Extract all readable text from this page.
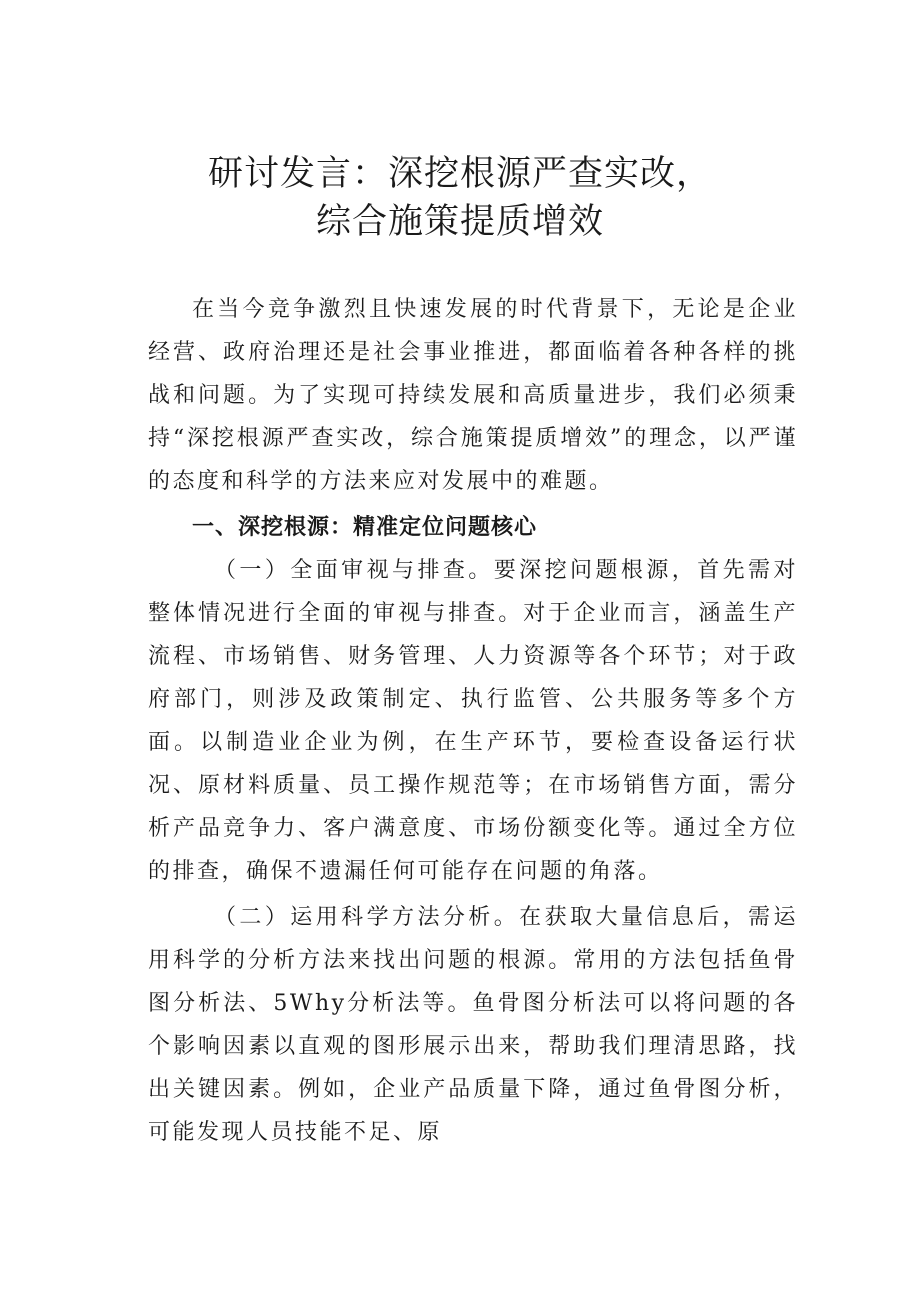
研讨发言：深挖根源严查实改，
综合施策提质增效

在当今竞争激烈且快速发展的时代背景下，无论是企业经营、政府治理还是社会事业推进，都面临着各种各样的挑战和问题。为了实现可持续发展和高质量进步，我们必须秉持“深挖根源严查实改，综合施策提质增效”的理念，以严谨的态度和科学的方法来应对发展中的难题。

一、深挖根源：精准定位问题核心

（一）全面审视与排查。要深挖问题根源，首先需对整体情况进行全面的审视与排查。对于企业而言，涵盖生产流程、市场销售、财务管理、人力资源等各个环节；对于政府部门，则涉及政策制定、执行监管、公共服务等多个方面。以制造业企业为例，在生产环节，要检查设备运行状况、原材料质量、员工操作规范等；在市场销售方面，需分析产品竞争力、客户满意度、市场份额变化等。通过全方位的排查，确保不遗漏任何可能存在问题的角落。

（二）运用科学方法分析。在获取大量信息后，需运用科学的分析方法来找出问题的根源。常用的方法包括鱼骨图分析法、5Why分析法等。鱼骨图分析法可以将问题的各个影响因素以直观的图形展示出来，帮助我们理清思路，找出关键因素。例如，企业产品质量下降，通过鱼骨图分析，可能发现人员技能不足、原
